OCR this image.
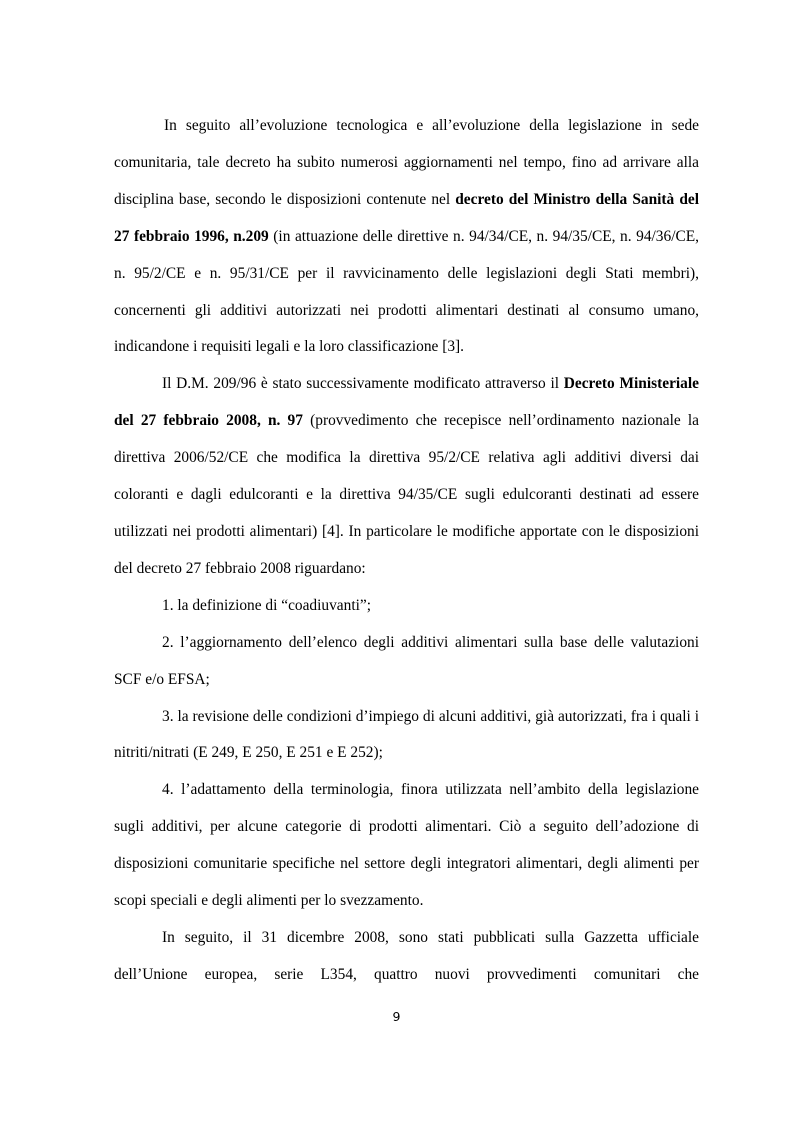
In seguito all’evoluzione tecnologica e all’evoluzione della legislazione in sede comunitaria, tale decreto ha subito numerosi aggiornamenti nel tempo, fino ad arrivare alla disciplina base, secondo le disposizioni contenute nel decreto del Ministro della Sanità del 27 febbraio 1996, n.209 (in attuazione delle direttive n. 94/34/CE, n. 94/35/CE, n. 94/36/CE, n. 95/2/CE e n. 95/31/CE per il ravvicinamento delle legislazioni degli Stati membri), concernenti gli additivi autorizzati nei prodotti alimentari destinati al consumo umano, indicandone i requisiti legali e la loro classificazione [3].

Il D.M. 209/96 è stato successivamente modificato attraverso il Decreto Ministeriale del 27 febbraio 2008, n. 97 (provvedimento che recepisce nell’ordinamento nazionale la direttiva 2006/52/CE che modifica la direttiva 95/2/CE relativa agli additivi diversi dai coloranti e dagli edulcoranti e la direttiva 94/35/CE sugli edulcoranti destinati ad essere utilizzati nei prodotti alimentari) [4]. In particolare le modifiche apportate con le disposizioni del decreto 27 febbraio 2008 riguardano:

1. la definizione di “coadiuvanti”;

2. l’aggiornamento dell’elenco degli additivi alimentari sulla base delle valutazioni SCF e/o EFSA;

3. la revisione delle condizioni d’impiego di alcuni additivi, già autorizzati, fra i quali i nitriti/nitrati (E 249, E 250, E 251 e E 252);

4. l’adattamento della terminologia, finora utilizzata nell’ambito della legislazione sugli additivi, per alcune categorie di prodotti alimentari. Ciò a seguito dell’adozione di disposizioni comunitarie specifiche nel settore degli integratori alimentari, degli alimenti per scopi speciali e degli alimenti per lo svezzamento.

In seguito, il 31 dicembre 2008, sono stati pubblicati sulla Gazzetta ufficiale dell’Unione europea, serie L354, quattro nuovi provvedimenti comunitari che

9
